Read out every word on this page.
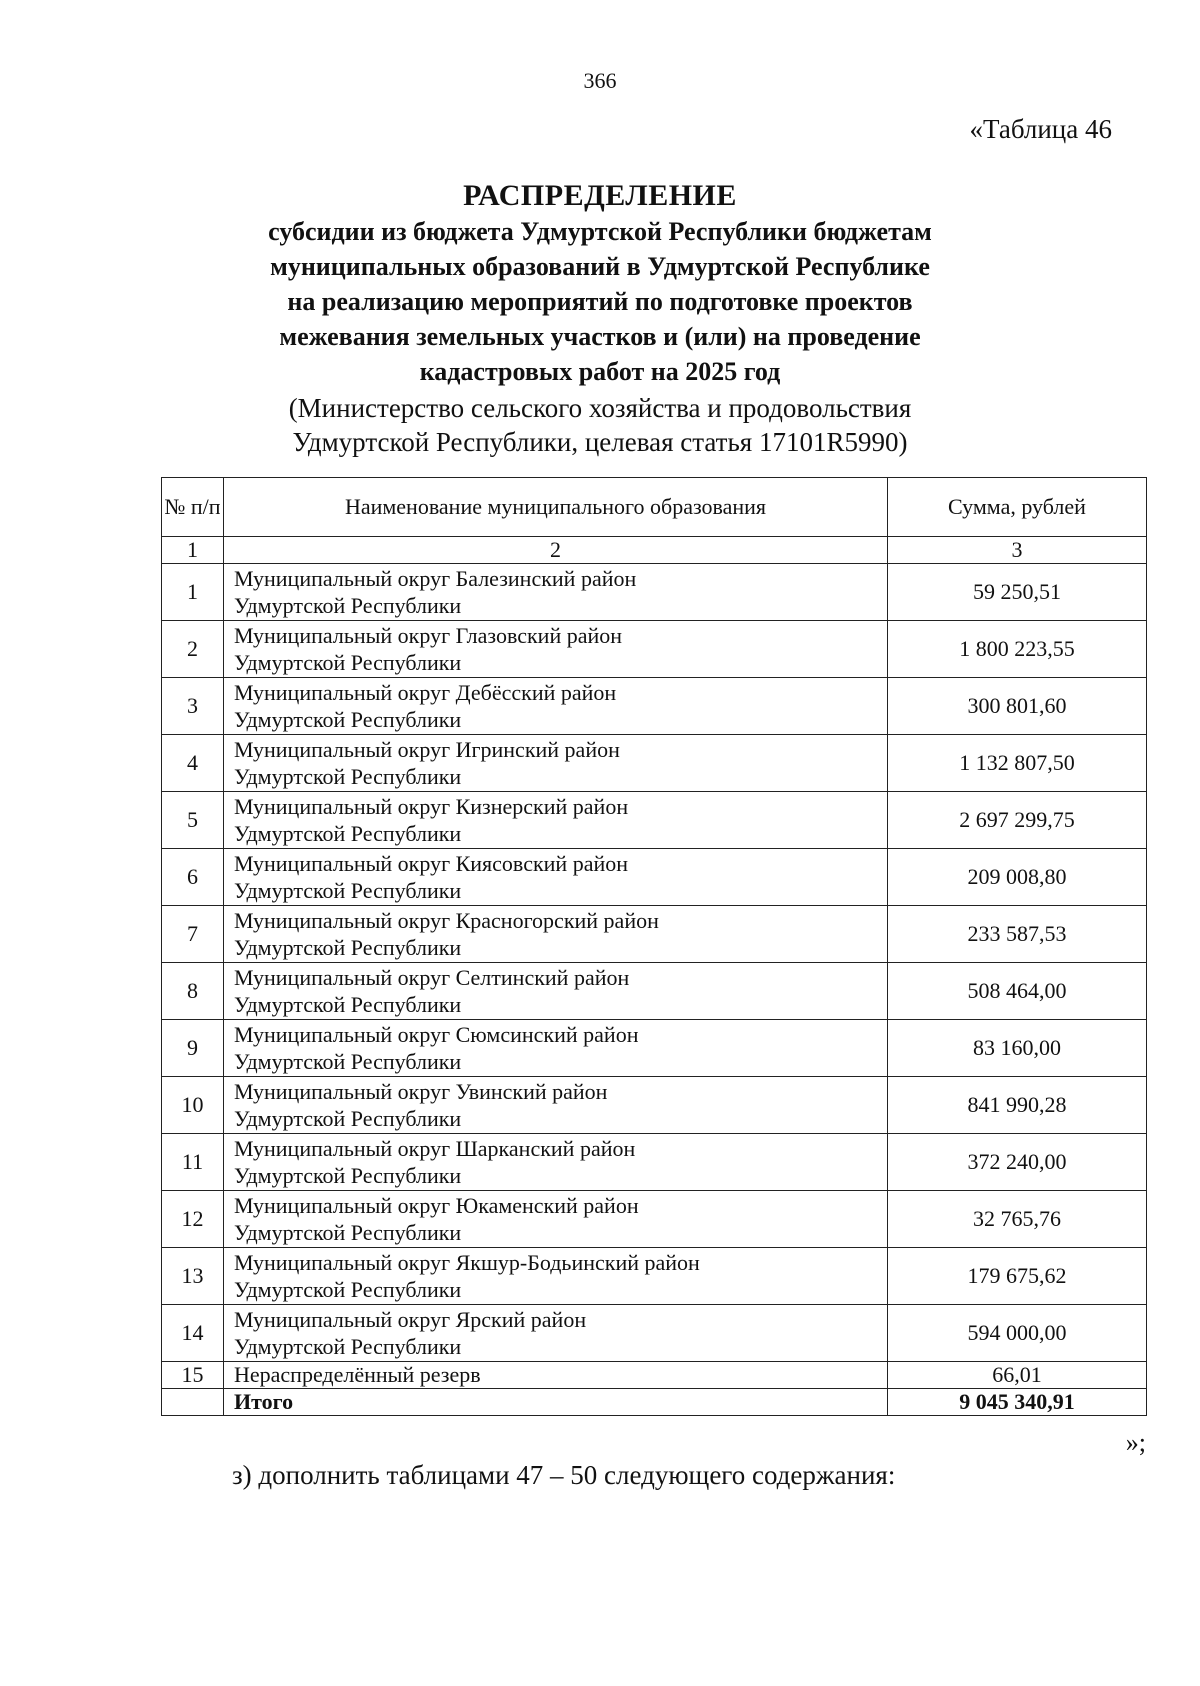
366
«Таблица 46
РАСПРЕДЕЛЕНИЕ
субсидии из бюджета Удмуртской Республики бюджетам
муниципальных образований в Удмуртской Республике
на реализацию мероприятий по подготовке проектов
межевания земельных участков и (или) на проведение
кадастровых работ на 2025 год
(Министерство сельского хозяйства и продовольствия
Удмуртской Республики, целевая статья 17101R5990)
№ п/п	Наименование муниципального образования	Сумма, рублей
1	2	3
1	Муниципальный округ Балезинский район
Удмуртской Республики	59 250,51
2	Муниципальный округ Глазовский район
Удмуртской Республики	1 800 223,55
3	Муниципальный округ Дебёсский район
Удмуртской Республики	300 801,60
4	Муниципальный округ Игринский район
Удмуртской Республики	1 132 807,50
5	Муниципальный округ Кизнерский район
Удмуртской Республики	2 697 299,75
6	Муниципальный округ Киясовский район
Удмуртской Республики	209 008,80
7	Муниципальный округ Красногорский район
Удмуртской Республики	233 587,53
8	Муниципальный округ Селтинский район
Удмуртской Республики	508 464,00
9	Муниципальный округ Сюмсинский район
Удмуртской Республики	83 160,00
10	Муниципальный округ Увинский район
Удмуртской Республики	841 990,28
11	Муниципальный округ Шарканский район
Удмуртской Республики	372 240,00
12	Муниципальный округ Юкаменский район
Удмуртской Республики	32 765,76
13	Муниципальный округ Якшур-Бодьинский район
Удмуртской Республики	179 675,62
14	Муниципальный округ Ярский район
Удмуртской Республики	594 000,00
15	Нераспределённый резерв	66,01
	Итого	9 045 340,91
»;
з) дополнить таблицами 47 – 50 следующего содержания:
